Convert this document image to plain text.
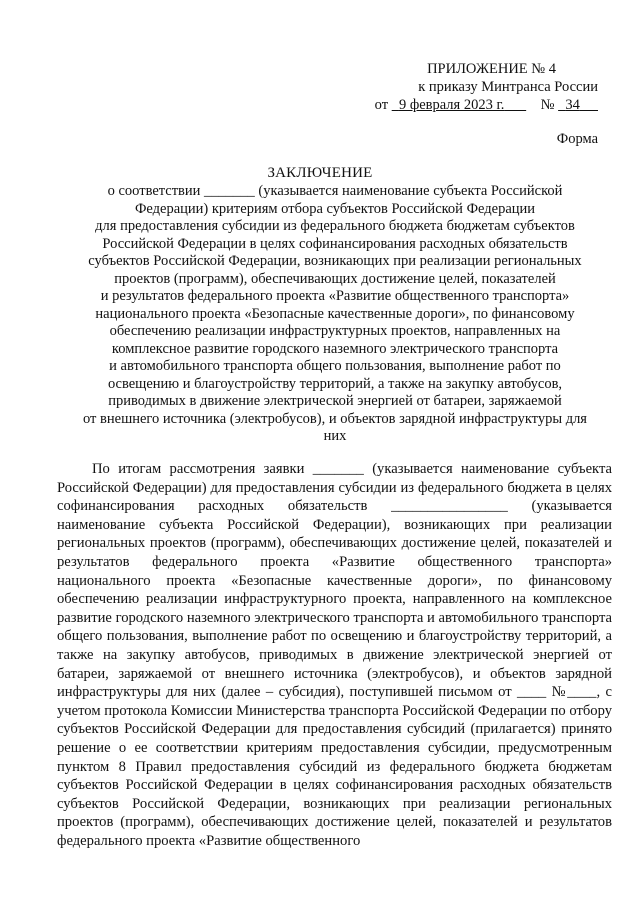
ПРИЛОЖЕНИЕ № 4
к приказу Минтранса России
от 9 февраля 2023 г.	№ 34
Форма
ЗАКЛЮЧЕНИЕ
о соответствии _______ (указывается наименование субъекта Российской
Федерации) критериям отбора субъектов Российской Федерации
для предоставления субсидии из федерального бюджета бюджетам субъектов
Российской Федерации в целях софинансирования расходных обязательств
субъектов Российской Федерации, возникающих при реализации региональных
проектов (программ), обеспечивающих достижение целей, показателей
и результатов федерального проекта «Развитие общественного транспорта»
национального проекта «Безопасные качественные дороги», по финансовому
обеспечению реализации инфраструктурных проектов, направленных на
комплексное развитие городского наземного электрического транспорта
и автомобильного транспорта общего пользования, выполнение работ по
освещению и благоустройству территорий, а также на закупку автобусов,
приводимых в движение электрической энергией от батареи, заряжаемой
от внешнего источника (электробусов), и объектов зарядной инфраструктуры для
них

По итогам рассмотрения заявки _______ (указывается наименование субъекта Российской Федерации) для предоставления субсидии из федерального бюджета в целях софинансирования расходных обязательств ________________ (указывается наименование субъекта Российской Федерации), возникающих при реализации региональных проектов (программ), обеспечивающих достижение целей, показателей и результатов федерального проекта «Развитие общественного транспорта» национального проекта «Безопасные качественные дороги», по финансовому обеспечению реализации инфраструктурного проекта, направленного на комплексное развитие городского наземного электрического транспорта и автомобильного транспорта общего пользования, выполнение работ по освещению и благоустройству территорий, а также на закупку автобусов, приводимых в движение электрической энергией от батареи, заряжаемой от внешнего источника (электробусов), и объектов зарядной инфраструктуры для них (далее – субсидия), поступившей письмом от ____ №____, с учетом протокола Комиссии Министерства транспорта Российской Федерации по отбору субъектов Российской Федерации для предоставления субсидий (прилагается) принято решение о ее соответствии критериям предоставления субсидии, предусмотренным пунктом 8 Правил предоставления субсидий из федерального бюджета бюджетам субъектов Российской Федерации в целях софинансирования расходных обязательств субъектов Российской Федерации, возникающих при реализации региональных проектов (программ), обеспечивающих достижение целей, показателей и результатов федерального проекта «Развитие общественного
